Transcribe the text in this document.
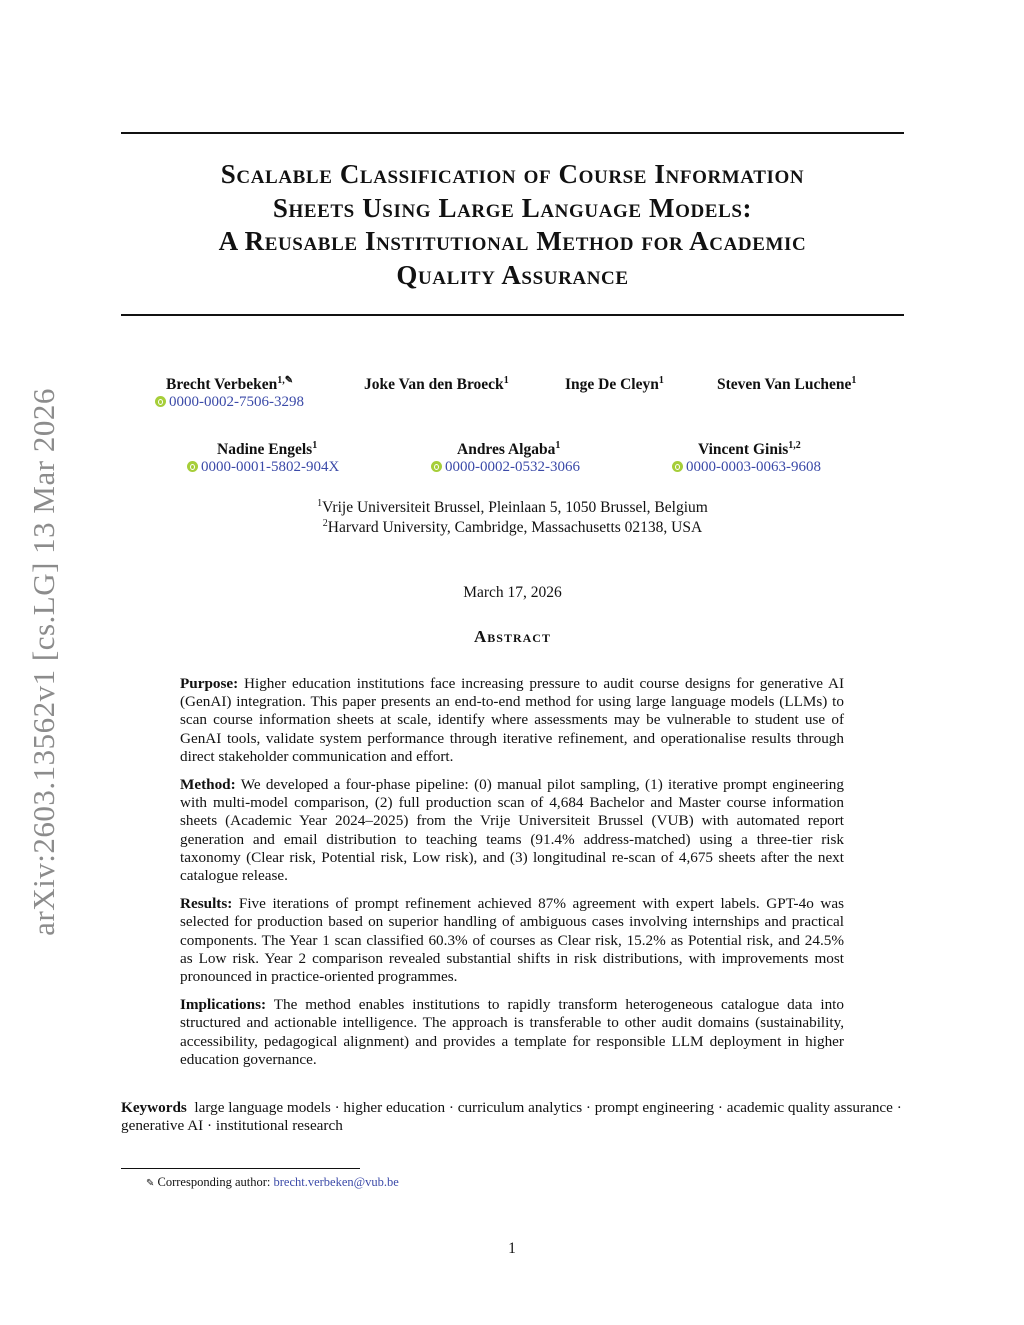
arXiv:2603.13562v1 [cs.LG] 13 Mar 2026
Scalable Classification of Course Information
Sheets Using Large Language Models:
A Reusable Institutional Method for Academic
Quality Assurance
Brecht Verbeken$^{1,✎}$
0000-0002-7506-3298
Joke Van den Broeck$^1$	Inge De Cleyn$^1$	Steven Van Luchene$^1$
Nadine Engels$^1$
0000-0001-5802-904X
Andres Algaba$^1$
0000-0002-0532-3066
Vincent Ginis$^{1,2}$
0000-0003-0063-9608
$^1$Vrije Universiteit Brussel, Pleinlaan 5, 1050 Brussel, Belgium
$^2$Harvard University, Cambridge, Massachusetts 02138, USA
March 17, 2026
Abstract

Purpose: Higher education institutions face increasing pressure to audit course designs for generative AI (GenAI) integration. This paper presents an end-to-end method for using large language models (LLMs) to scan course information sheets at scale, identify where assessments may be vulnerable to student use of GenAI tools, validate system performance through iterative refinement, and operationalise results through direct stakeholder communication and effort.

Method: We developed a four-phase pipeline: (0) manual pilot sampling, (1) iterative prompt engineering with multi-model comparison, (2) full production scan of 4,684 Bachelor and Master course information sheets (Academic Year 2024–2025) from the Vrije Universiteit Brussel (VUB) with automated report generation and email distribution to teaching teams (91.4% address-matched) using a three-tier risk taxonomy (Clear risk, Potential risk, Low risk), and (3) longitudinal re-scan of 4,675 sheets after the next catalogue release.

Results: Five iterations of prompt refinement achieved 87% agreement with expert labels. GPT-4o was selected for production based on superior handling of ambiguous cases involving internships and practical components. The Year 1 scan classified 60.3% of courses as Clear risk, 15.2% as Potential risk, and 24.5% as Low risk. Year 2 comparison revealed substantial shifts in risk distributions, with improvements most pronounced in practice-oriented programmes.

Implications: The method enables institutions to rapidly transform heterogeneous catalogue data into structured and actionable intelligence. The approach is transferable to other audit domains (sustainability, accessibility, pedagogical alignment) and provides a template for responsible LLM deployment in higher education governance.

Keywords large language models · higher education · curriculum analytics · prompt engineering · academic quality assurance · generative AI · institutional research
✎ Corresponding author: brecht.verbeken@vub.be
1
